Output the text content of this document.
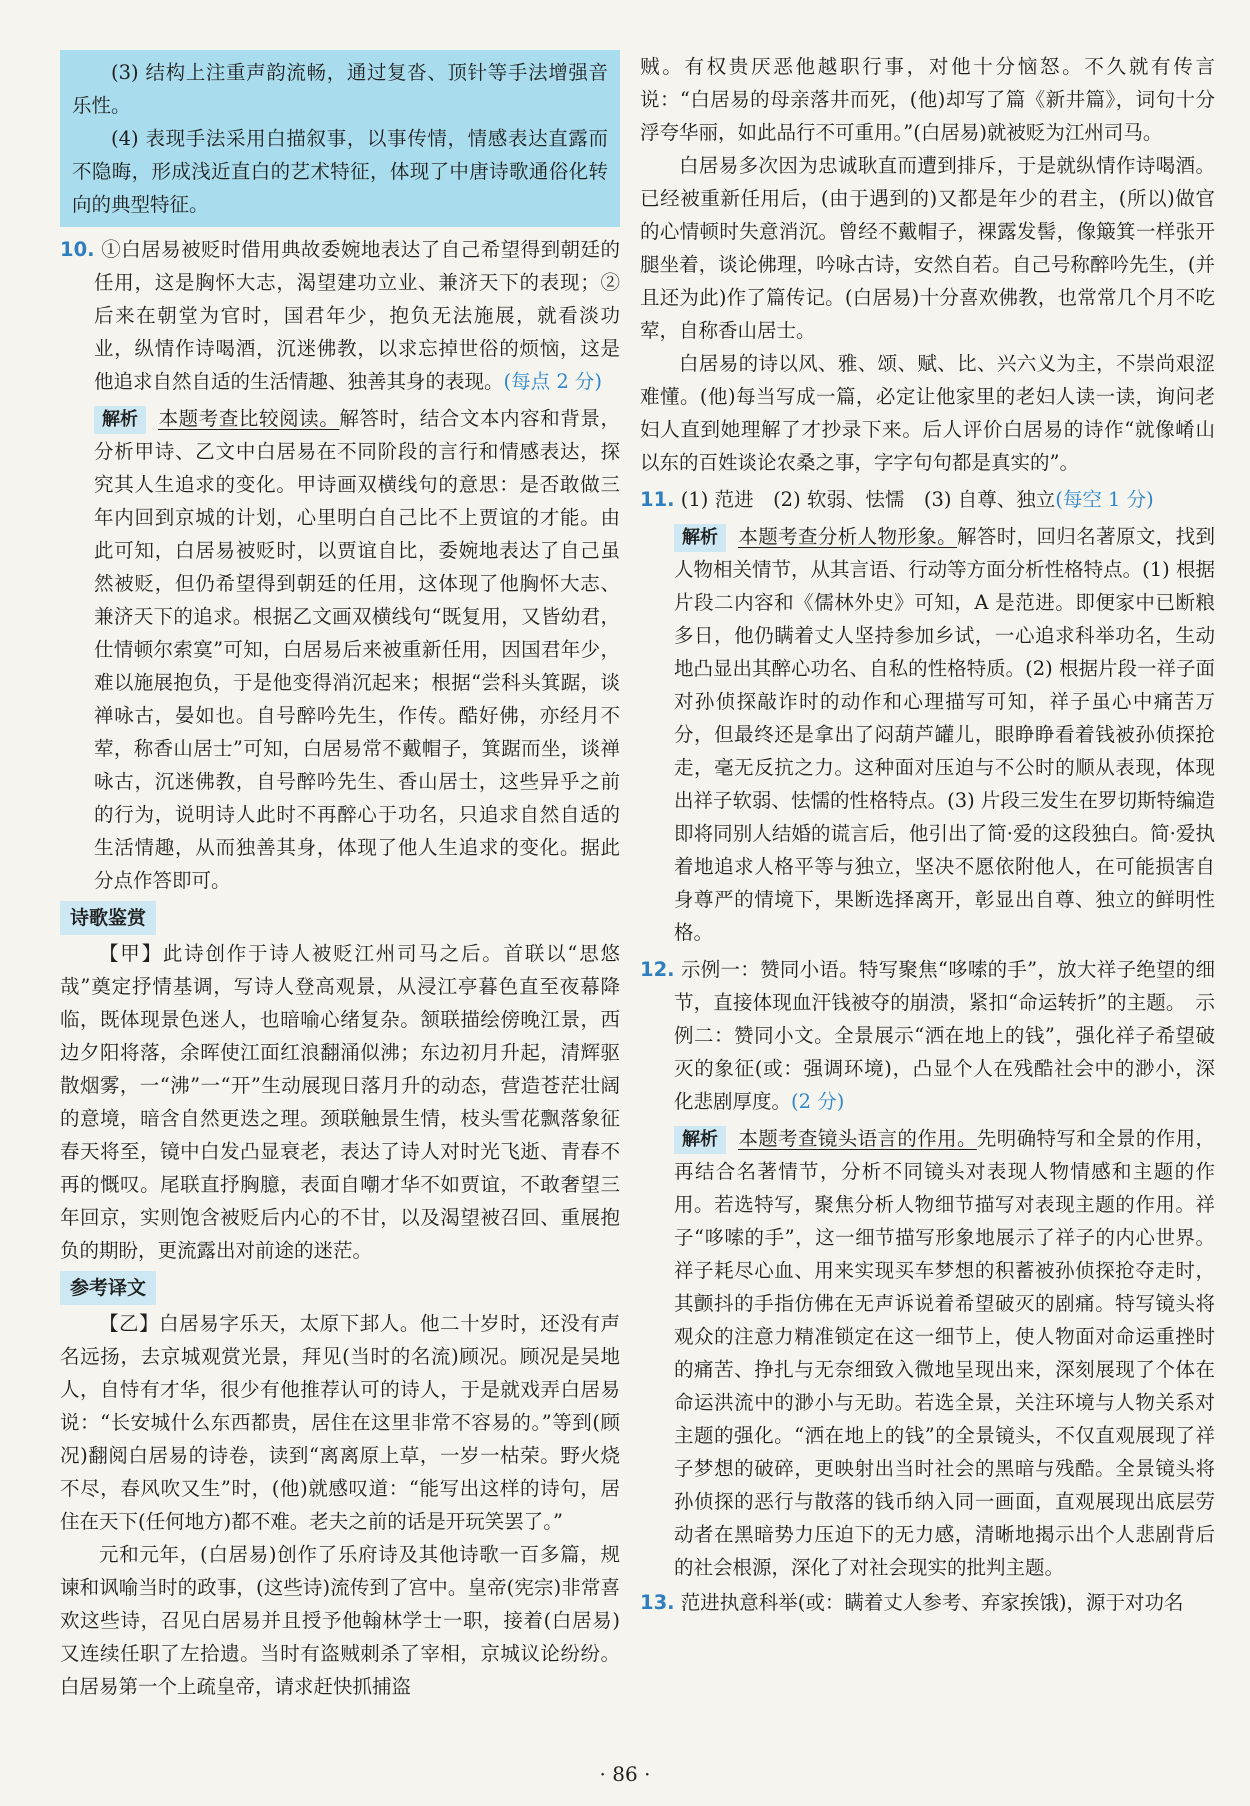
(3) 结构上注重声韵流畅，通过复沓、顶针等手法增强音乐性。

(4) 表现手法采用白描叙事，以事传情，情感表达直露而不隐晦，形成浅近直白的艺术特征，体现了中唐诗歌通俗化转向的典型特征。

10. ①白居易被贬时借用典故委婉地表达了自己希望得到朝廷的任用，这是胸怀大志，渴望建功立业、兼济天下的表现；②后来在朝堂为官时，国君年少，抱负无法施展，就看淡功业，纵情作诗喝酒，沉迷佛教，以求忘掉世俗的烦恼，这是他追求自然自适的生活情趣、独善其身的表现。(每点 2 分)

解析 本题考查比较阅读。解答时，结合文本内容和背景，分析甲诗、乙文中白居易在不同阶段的言行和情感表达，探究其人生追求的变化。甲诗画双横线句的意思：是否敢做三年内回到京城的计划，心里明白自己比不上贾谊的才能。由此可知，白居易被贬时，以贾谊自比，委婉地表达了自己虽然被贬，但仍希望得到朝廷的任用，这体现了他胸怀大志、兼济天下的追求。根据乙文画双横线句“既复用，又皆幼君，仕情顿尔索寞”可知，白居易后来被重新任用，因国君年少，难以施展抱负，于是他变得消沉起来；根据“尝科头箕踞，谈禅咏古，晏如也。自号醉吟先生，作传。酷好佛，亦经月不荤，称香山居士”可知，白居易常不戴帽子，箕踞而坐，谈禅咏古，沉迷佛教，自号醉吟先生、香山居士，这些异乎之前的行为，说明诗人此时不再醉心于功名，只追求自然自适的生活情趣，从而独善其身，体现了他人生追求的变化。据此分点作答即可。

诗歌鉴赏

【甲】此诗创作于诗人被贬江州司马之后。首联以“思悠哉”奠定抒情基调，写诗人登高观景，从浸江亭暮色直至夜幕降临，既体现景色迷人，也暗喻心绪复杂。颔联描绘傍晚江景，西边夕阳将落，余晖使江面红浪翻涌似沸；东边初月升起，清辉驱散烟雾，一“沸”一“开”生动展现日落月升的动态，营造苍茫壮阔的意境，暗含自然更迭之理。颈联触景生情，枝头雪花飘落象征春天将至，镜中白发凸显衰老，表达了诗人对时光飞逝、青春不再的慨叹。尾联直抒胸臆，表面自嘲才华不如贾谊，不敢奢望三年回京，实则饱含被贬后内心的不甘，以及渴望被召回、重展抱负的期盼，更流露出对前途的迷茫。

参考译文

【乙】白居易字乐天，太原下邽人。他二十岁时，还没有声名远扬，去京城观赏光景，拜见(当时的名流)顾况。顾况是吴地人，自恃有才华，很少有他推荐认可的诗人，于是就戏弄白居易说：“长安城什么东西都贵，居住在这里非常不容易的。”等到(顾况)翻阅白居易的诗卷，读到“离离原上草，一岁一枯荣。野火烧不尽，春风吹又生”时，(他)就感叹道：“能写出这样的诗句，居住在天下(任何地方)都不难。老夫之前的话是开玩笑罢了。”

元和元年，(白居易)创作了乐府诗及其他诗歌一百多篇，规谏和讽喻当时的政事，(这些诗)流传到了宫中。皇帝(宪宗)非常喜欢这些诗，召见白居易并且授予他翰林学士一职，接着(白居易)又连续任职了左拾遗。当时有盗贼刺杀了宰相，京城议论纷纷。白居易第一个上疏皇帝，请求赶快抓捕盗

贼。有权贵厌恶他越职行事，对他十分恼怒。不久就有传言说：“白居易的母亲落井而死，(他)却写了篇《新井篇》，词句十分浮夸华丽，如此品行不可重用。”(白居易)就被贬为江州司马。

白居易多次因为忠诚耿直而遭到排斥，于是就纵情作诗喝酒。已经被重新任用后，(由于遇到的)又都是年少的君主，(所以)做官的心情顿时失意消沉。曾经不戴帽子，裸露发髻，像簸箕一样张开腿坐着，谈论佛理，吟咏古诗，安然自若。自己号称醉吟先生，(并且还为此)作了篇传记。(白居易)十分喜欢佛教，也常常几个月不吃荤，自称香山居士。

白居易的诗以风、雅、颂、赋、比、兴六义为主，不崇尚艰涩难懂。(他)每当写成一篇，必定让他家里的老妇人读一读，询问老妇人直到她理解了才抄录下来。后人评价白居易的诗作“就像崤山以东的百姓谈论农桑之事，字字句句都是真实的”。

11. (1) 范进　(2) 软弱、怯懦　(3) 自尊、独立(每空 1 分)

解析 本题考查分析人物形象。解答时，回归名著原文，找到人物相关情节，从其言语、行动等方面分析性格特点。(1) 根据片段二内容和《儒林外史》可知，A 是范进。即便家中已断粮多日，他仍瞒着丈人坚持参加乡试，一心追求科举功名，生动地凸显出其醉心功名、自私的性格特质。(2) 根据片段一祥子面对孙侦探敲诈时的动作和心理描写可知，祥子虽心中痛苦万分，但最终还是拿出了闷葫芦罐儿，眼睁睁看着钱被孙侦探抢走，毫无反抗之力。这种面对压迫与不公时的顺从表现，体现出祥子软弱、怯懦的性格特点。(3) 片段三发生在罗切斯特编造即将同别人结婚的谎言后，他引出了简·爱的这段独白。简·爱执着地追求人格平等与独立，坚决不愿依附他人，在可能损害自身尊严的情境下，果断选择离开，彰显出自尊、独立的鲜明性格。

12. 示例一：赞同小语。特写聚焦“哆嗦的手”，放大祥子绝望的细节，直接体现血汗钱被夺的崩溃，紧扣“命运转折”的主题。　示例二：赞同小文。全景展示“洒在地上的钱”，强化祥子希望破灭的象征(或：强调环境)，凸显个人在残酷社会中的渺小，深化悲剧厚度。(2 分)

解析 本题考查镜头语言的作用。先明确特写和全景的作用，再结合名著情节，分析不同镜头对表现人物情感和主题的作用。若选特写，聚焦分析人物细节描写对表现主题的作用。祥子“哆嗦的手”，这一细节描写形象地展示了祥子的内心世界。祥子耗尽心血、用来实现买车梦想的积蓄被孙侦探抢夺走时，其颤抖的手指仿佛在无声诉说着希望破灭的剧痛。特写镜头将观众的注意力精准锁定在这一细节上，使人物面对命运重挫时的痛苦、挣扎与无奈细致入微地呈现出来，深刻展现了个体在命运洪流中的渺小与无助。若选全景，关注环境与人物关系对主题的强化。“洒在地上的钱”的全景镜头，不仅直观展现了祥子梦想的破碎，更映射出当时社会的黑暗与残酷。全景镜头将孙侦探的恶行与散落的钱币纳入同一画面，直观展现出底层劳动者在黑暗势力压迫下的无力感，清晰地揭示出个人悲剧背后的社会根源，深化了对社会现实的批判主题。

13. 范进执意科举(或：瞒着丈人参考、弃家挨饿)，源于对功名

· 86 ·
